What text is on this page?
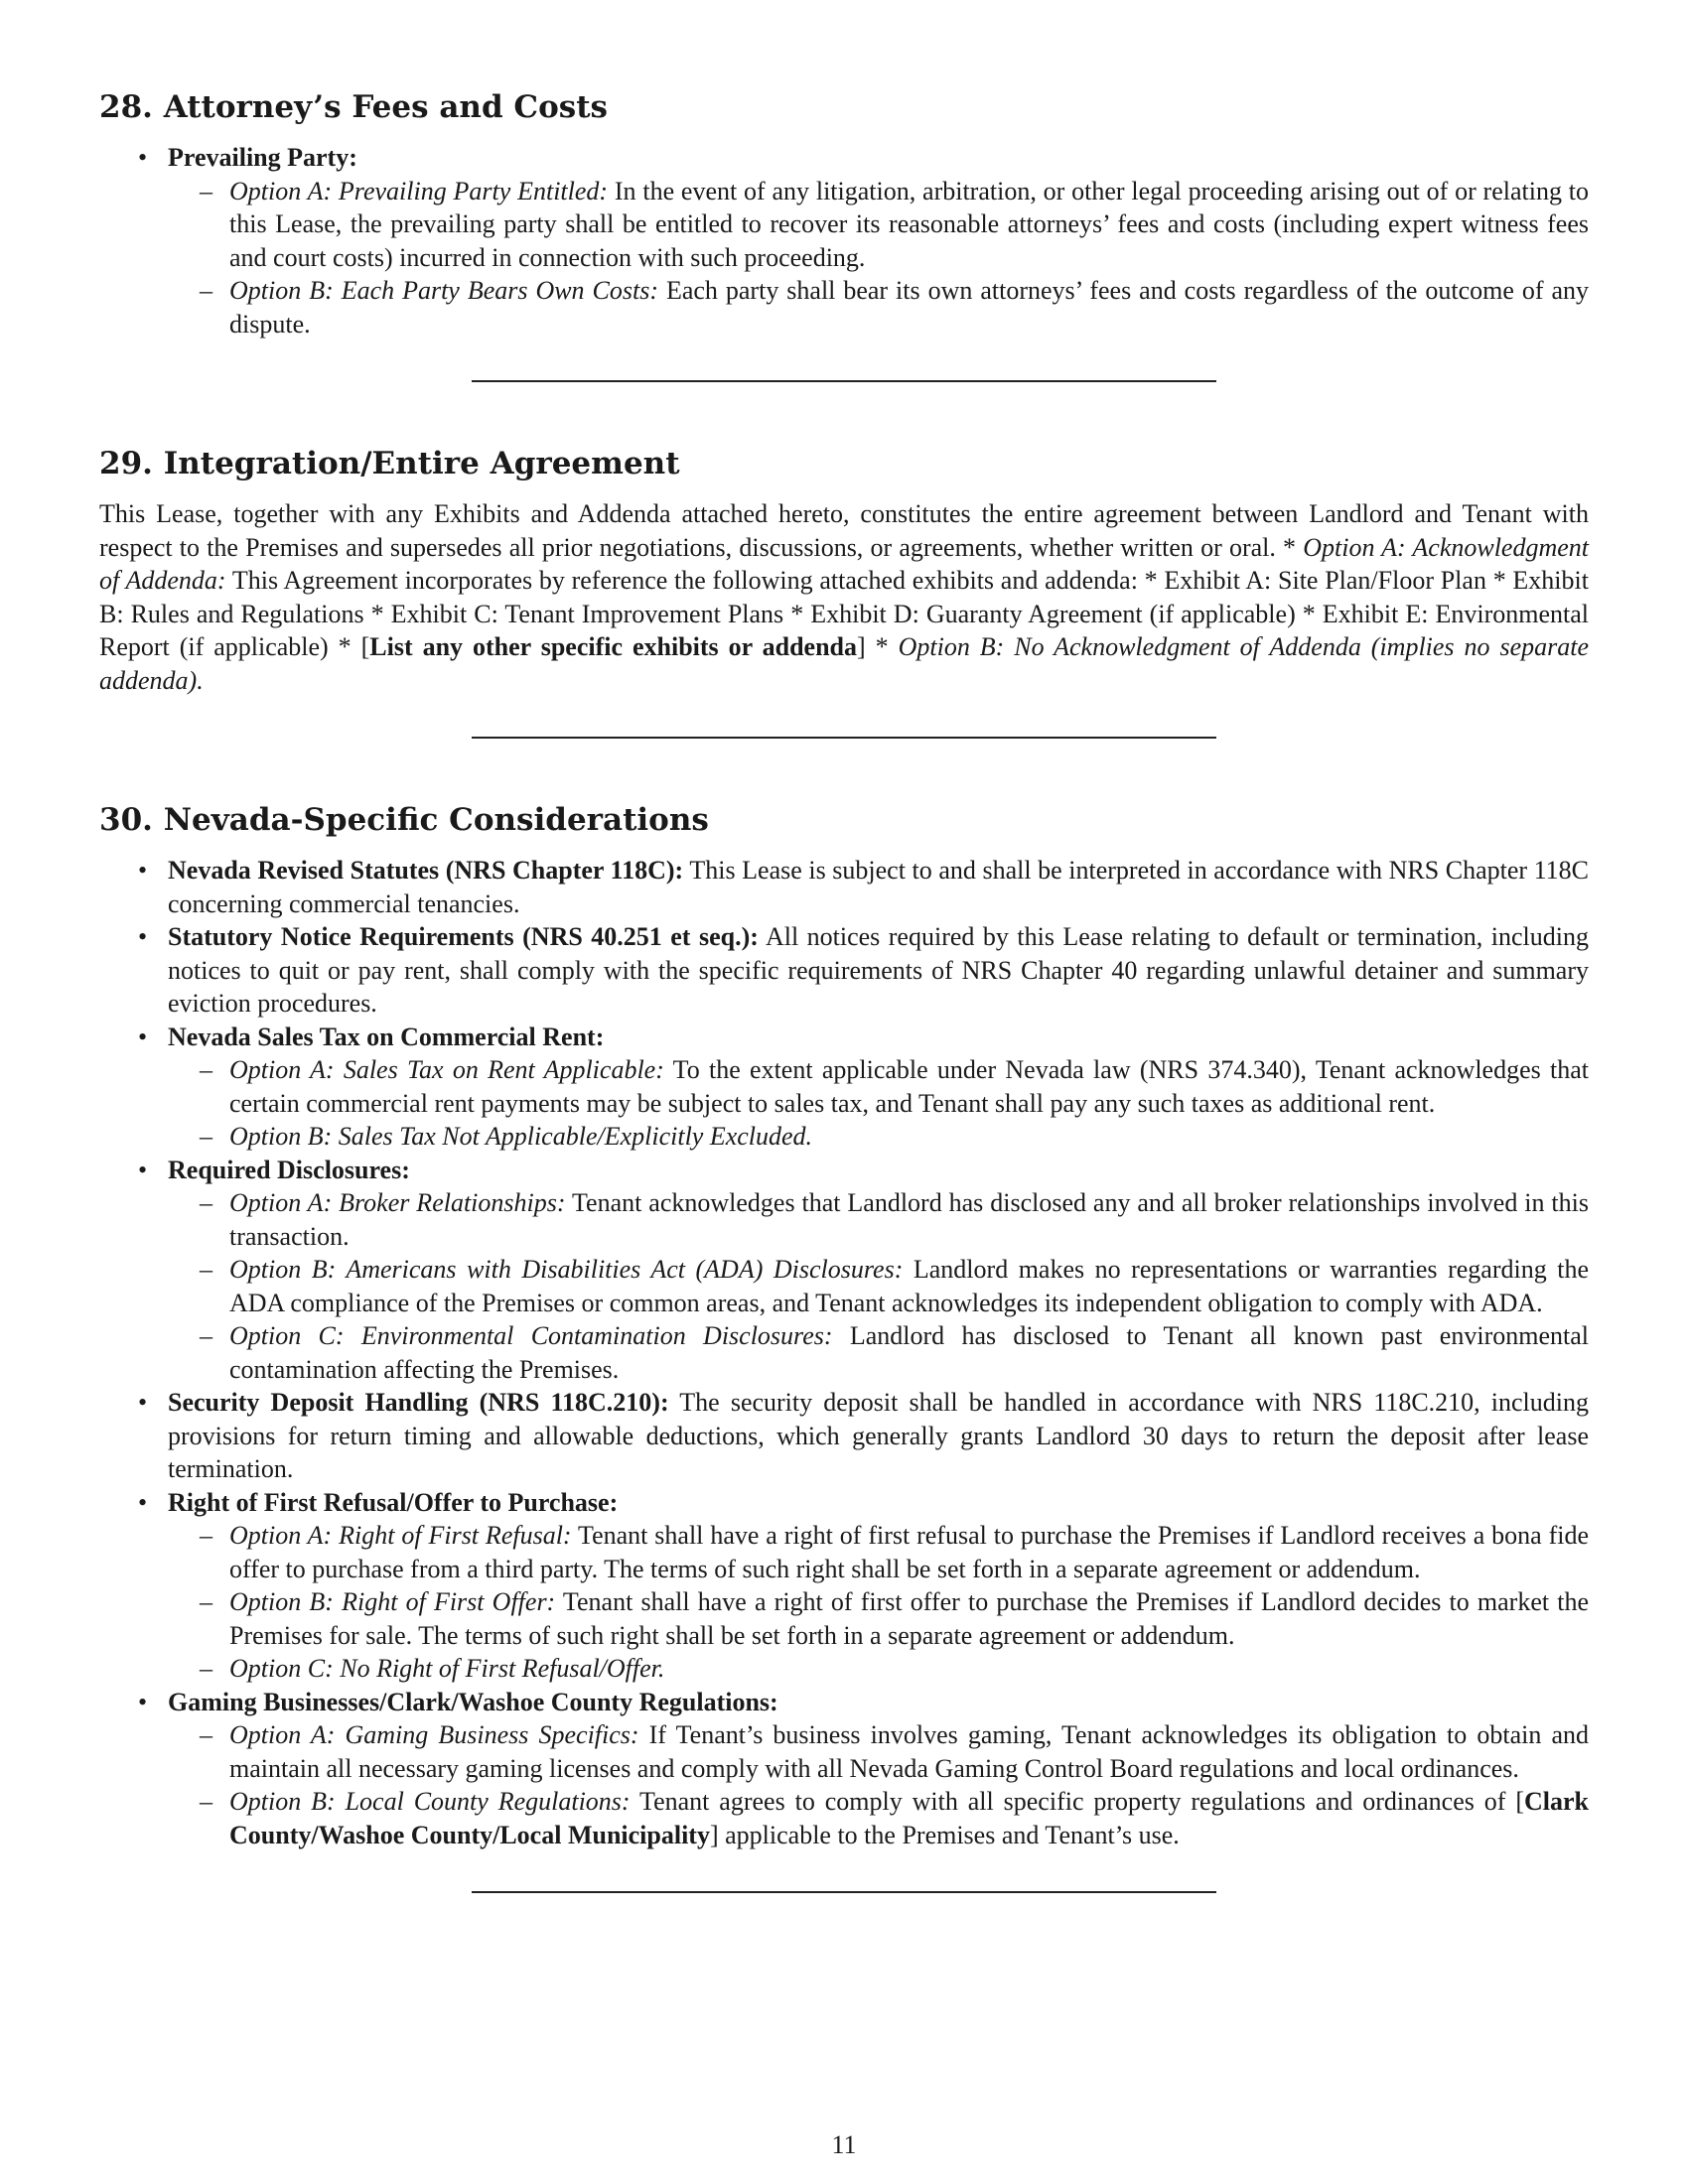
28. Attorney’s Fees and Costs
• Prevailing Party:
– Option A: Prevailing Party Entitled: In the event of any litigation, arbitration, or other legal proceeding arising out of or relating to this Lease, the prevailing party shall be entitled to recover its reasonable attorneys’ fees and costs (including expert witness fees and court costs) incurred in connection with such proceeding.
– Option B: Each Party Bears Own Costs: Each party shall bear its own attorneys’ fees and costs regardless of the outcome of any dispute.
29. Integration/Entire Agreement

This Lease, together with any Exhibits and Addenda attached hereto, constitutes the entire agreement between Landlord and Tenant with respect to the Premises and supersedes all prior negotiations, discussions, or agreements, whether written or oral. * Option A: Acknowledgment of Addenda: This Agreement incorporates by reference the following attached exhibits and addenda: * Exhibit A: Site Plan/Floor Plan * Exhibit B: Rules and Regulations * Exhibit C: Tenant Improvement Plans * Exhibit D: Guaranty Agreement (if applicable) * Exhibit E: Environmental Report (if applicable) * [List any other specific exhibits or addenda] * Option B: No Acknowledgment of Addenda (implies no separate addenda).

30. Nevada-Specific Considerations
• Nevada Revised Statutes (NRS Chapter 118C): This Lease is subject to and shall be interpreted in accordance with NRS Chapter 118C concerning commercial tenancies.
• Statutory Notice Requirements (NRS 40.251 et seq.): All notices required by this Lease relating to default or termination, including notices to quit or pay rent, shall comply with the specific requirements of NRS Chapter 40 regarding unlawful detainer and summary eviction procedures.
• Nevada Sales Tax on Commercial Rent:
– Option A: Sales Tax on Rent Applicable: To the extent applicable under Nevada law (NRS 374.340), Tenant acknowledges that certain commercial rent payments may be subject to sales tax, and Tenant shall pay any such taxes as additional rent.
– Option B: Sales Tax Not Applicable/Explicitly Excluded.
• Required Disclosures:
– Option A: Broker Relationships: Tenant acknowledges that Landlord has disclosed any and all broker relationships involved in this transaction.
– Option B: Americans with Disabilities Act (ADA) Disclosures: Landlord makes no representations or warranties regarding the ADA compliance of the Premises or common areas, and Tenant acknowledges its independent obligation to comply with ADA.
– Option C: Environmental Contamination Disclosures: Landlord has disclosed to Tenant all known past environmental contamination affecting the Premises.
• Security Deposit Handling (NRS 118C.210): The security deposit shall be handled in accordance with NRS 118C.210, including provisions for return timing and allowable deductions, which generally grants Landlord 30 days to return the deposit after lease termination.
• Right of First Refusal/Offer to Purchase:
– Option A: Right of First Refusal: Tenant shall have a right of first refusal to purchase the Premises if Landlord receives a bona fide offer to purchase from a third party. The terms of such right shall be set forth in a separate agreement or addendum.
– Option B: Right of First Offer: Tenant shall have a right of first offer to purchase the Premises if Landlord decides to market the Premises for sale. The terms of such right shall be set forth in a separate agreement or addendum.
– Option C: No Right of First Refusal/Offer.
• Gaming Businesses/Clark/Washoe County Regulations:
– Option A: Gaming Business Specifics: If Tenant’s business involves gaming, Tenant acknowledges its obligation to obtain and maintain all necessary gaming licenses and comply with all Nevada Gaming Control Board regulations and local ordinances.
– Option B: Local County Regulations: Tenant agrees to comply with all specific property regulations and ordinances of [Clark County/Washoe County/Local Municipality] applicable to the Premises and Tenant’s use.
11
